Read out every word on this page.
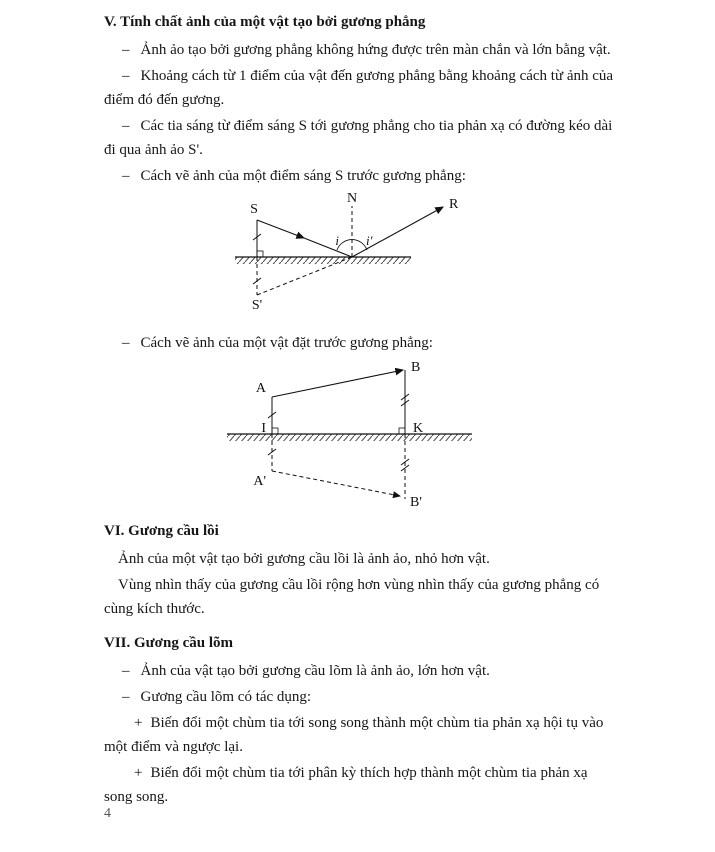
V. Tính chất ảnh của một vật tạo bởi gương phẳng

– Ảnh ảo tạo bởi gương phẳng không hứng được trên màn chắn và lớn bằng vật.

– Khoảng cách từ 1 điểm của vật đến gương phẳng bằng khoảng cách từ ảnh của điểm đó đến gương.

– Các tia sáng từ điểm sáng S tới gương phẳng cho tia phản xạ có đường kéo dài đi qua ảnh ảo S'.

– Cách vẽ ảnh của một điểm sáng S trước gương phẳng:

S
N	R
i i'
S'

– Cách vẽ ảnh của một vật đặt trước gương phẳng:

A
B
I	K
A'
B'
VI. Gương cầu lồi

Ảnh của một vật tạo bởi gương cầu lồi là ảnh ảo, nhỏ hơn vật.

Vùng nhìn thấy của gương cầu lồi rộng hơn vùng nhìn thấy của gương phẳng có cùng kích thước.

VII. Gương cầu lõm

– Ảnh của vật tạo bởi gương cầu lõm là ảnh ảo, lớn hơn vật.

– Gương cầu lõm có tác dụng:

+ Biến đổi một chùm tia tới song song thành một chùm tia phản xạ hội tụ vào một điểm và ngược lại.

+ Biến đổi một chùm tia tới phân kỳ thích hợp thành một chùm tia phản xạ song song.

4
